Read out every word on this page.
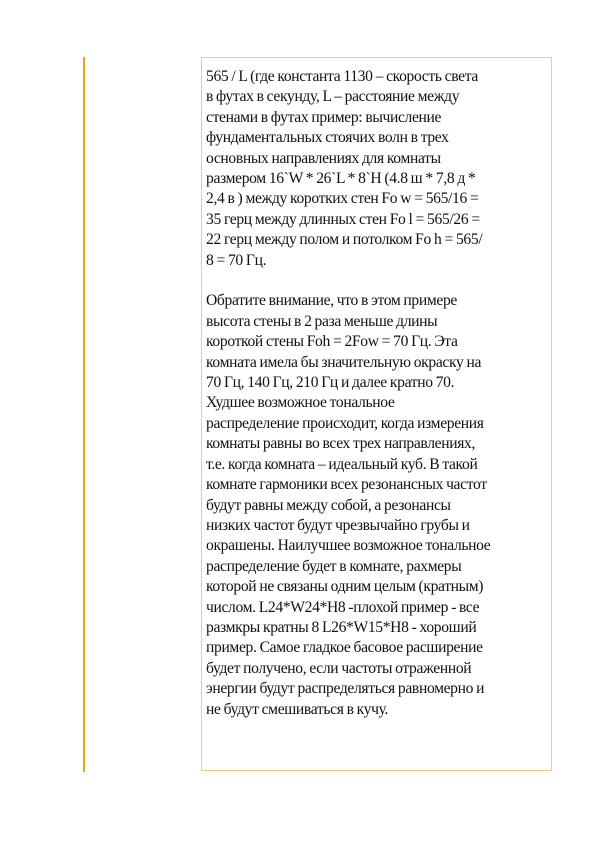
565 / L (где константа 1130 – скорость света
в футах в секунду, L – расстояние между
стенами в футах пример: вычисление
фундаментальных стоячих волн в трех
основных направлениях для комнаты
размером 16`W * 26`L * 8`H (4.8 ш * 7,8 д *
2,4 в ) между коротких стен Fo w = 565/16 =
35 герц между длинных стен Fo l = 565/26 =
22 герц между полом и потолком Fo h = 565/
8 = 70 Гц.
Обратите внимание, что в этом примере
высота стены в 2 раза меньше длины
короткой стены Foh = 2Fow = 70 Гц. Эта
комната имела бы значительную окраску на
70 Гц, 140 Гц, 210 Гц и далее кратно 70.
Худшее возможное тональное
распределение происходит, когда измерения
комнаты равны во всех трех направлениях,
т.е. когда комната – идеальный куб. В такой
комнате гармоники всех резонансных частот
будут равны между собой, а резонансы
низких частот будут чрезвычайно грубы и
окрашены. Наилучшее возможное тональное
распределение будет в комнате, рахмеры
которой не связаны одним целым (кратным)
числом. L24*W24*H8 -плохой пример - все
размкры кратны 8 L26*W15*H8 - хороший
пример. Самое гладкое басовое расширение
будет получено, если частоты отраженной
энергии будут распределяться равномерно и
не будут смешиваться в кучу.
